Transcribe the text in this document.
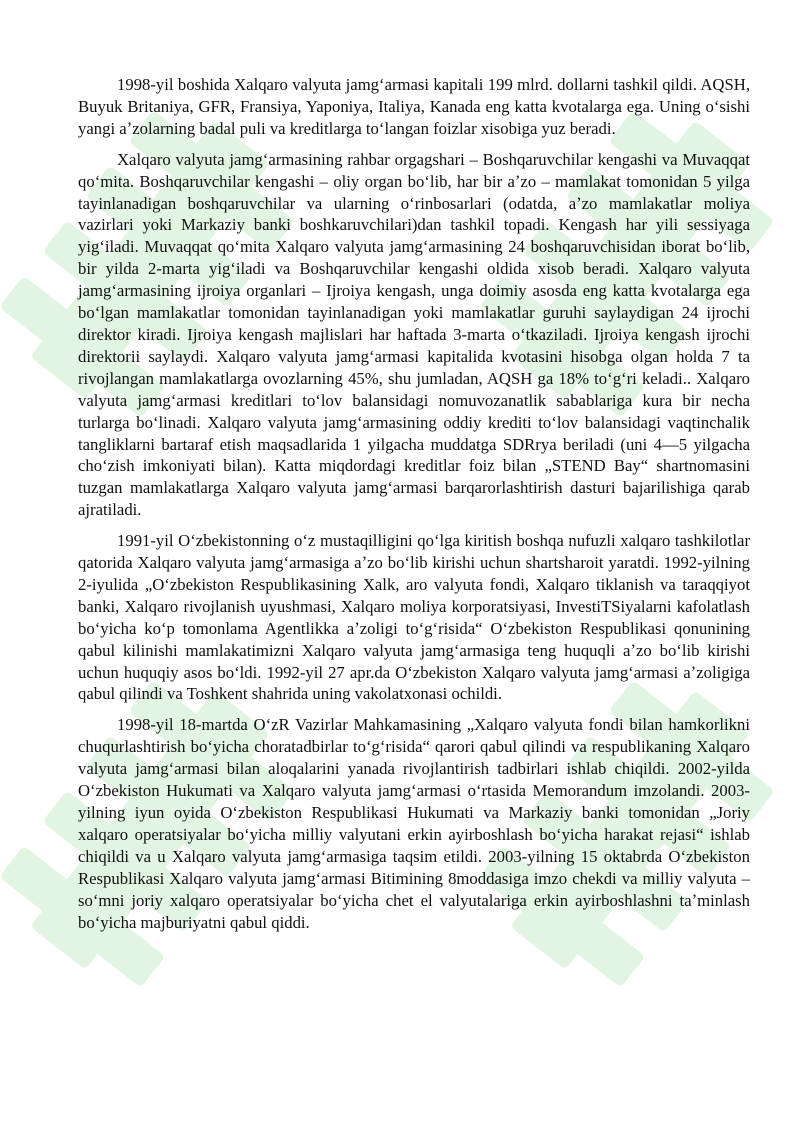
1998-yil boshida Xalqaro valyuta jamgʻarmasi kapitali 199 mlrd. dollarni tashkil qildi. AQSH, Buyuk Britaniya, GFR, Fransiya, Yaponiya, Italiya, Kanada eng katta kvotalarga ega. Uning oʻsishi yangi aʼzolarning badal puli va kreditlarga toʻlangan foizlar xisobiga yuz beradi.

Xalqaro valyuta jamgʻarmasining rahbar orgagshari – Boshqaruvchilar kengashi va Muvaqqat qoʻmita. Boshqaruvchilar kengashi – oliy organ boʻlib, har bir aʼzo – mamlakat tomonidan 5 yilga tayinlanadigan boshqaruvchilar va ularning oʻrinbosarlari (odatda, aʼzo mamlakatlar moliya vazirlari yoki Markaziy banki boshkaruvchilari)dan tashkil topadi. Kengash har yili sessiyaga yigʻiladi. Muvaqqat qoʻmita Xalqaro valyuta jamgʻarmasining 24 boshqaruvchisidan iborat boʻlib, bir yilda 2-marta yigʻiladi va Boshqaruvchilar kengashi oldida xisob beradi. Xalqaro valyuta jamgʻarmasining ijroiya organlari – Ijroiya kengash, unga doimiy asosda eng katta kvotalarga ega boʻlgan mamlakatlar tomonidan tayinlanadigan yoki mamlakatlar guruhi saylaydigan 24 ijrochi direktor kiradi. Ijroiya kengash majlislari har haftada 3-marta oʻtkaziladi. Ijroiya kengash ijrochi direktorii saylaydi. Xalqaro valyuta jamgʻarmasi kapitalida kvotasini hisobga olgan holda 7 ta rivojlangan mamlakatlarga ovozlarning 45%, shu jumladan, AQSH ga 18% toʻgʻri keladi.. Xalqaro valyuta jamgʻarmasi kreditlari toʻlov balansidagi nomuvozanatlik sabablariga kura bir necha turlarga boʻlinadi. Xalqaro valyuta jamgʻarmasining oddiy krediti toʻlov balansidagi vaqtinchalik tangliklarni bartaraf etish maqsadlarida 1 yilgacha muddatga SDRrya beriladi (uni 4—5 yilgacha choʻzish imkoniyati bilan). Katta miqdordagi kreditlar foiz bilan „STEND Bay“ shartnomasini tuzgan mamlakatlarga Xalqaro valyuta jamgʻarmasi barqarorlashtirish dasturi bajarilishiga qarab ajratiladi.

1991-yil Oʻzbekistonning oʻz mustaqilligini qoʻlga kiritish boshqa nufuzli xalqaro tashkilotlar qatorida Xalqaro valyuta jamgʻarmasiga aʼzo boʻlib kirishi uchun shartsharoit yaratdi. 1992-yilning 2-iyulida „Oʻzbekiston Respublikasining Xalk, aro valyuta fondi, Xalqaro tiklanish va taraqqiyot banki, Xalqaro rivojlanish uyushmasi, Xalqaro moliya korporatsiyasi, InvestiTSiyalarni kafolatlash boʻyicha koʻp tomonlama Agentlikka aʼzoligi toʻgʻrisida“ Oʻzbekiston Respublikasi qonunining qabul kilinishi mamlakatimizni Xalqaro valyuta jamgʻarmasiga teng huquqli aʼzo boʻlib kirishi uchun huquqiy asos boʻldi. 1992-yil 27 apr.da Oʻzbekiston Xalqaro valyuta jamgʻarmasi aʼzoligiga qabul qilindi va Toshkent shahrida uning vakolatxonasi ochildi.

1998-yil 18-martda OʻzR Vazirlar Mahkamasining „Xalqaro valyuta fondi bilan hamkorlikni chuqurlashtirish boʻyicha choratadbirlar toʻgʻrisida“ qarori qabul qilindi va respublikaning Xalqaro valyuta jamgʻarmasi bilan aloqalarini yanada rivojlantirish tadbirlari ishlab chiqildi. 2002-yilda Oʻzbekiston Hukumati va Xalqaro valyuta jamgʻarmasi oʻrtasida Memorandum imzolandi. 2003-yilning iyun oyida Oʻzbekiston Respublikasi Hukumati va Markaziy banki tomonidan „Joriy xalqaro operatsiyalar boʻyicha milliy valyutani erkin ayirboshlash boʻyicha harakat rejasi“ ishlab chiqildi va u Xalqaro valyuta jamgʻarmasiga taqsim etildi. 2003-yilning 15 oktabrda Oʻzbekiston Respublikasi Xalqaro valyuta jamgʻarmasi Bitimining 8moddasiga imzo chekdi va milliy valyuta – soʻmni joriy xalqaro operatsiyalar boʻyicha chet el valyutalariga erkin ayirboshlashni taʼminlash boʻyicha majburiyatni qabul qiddi.
